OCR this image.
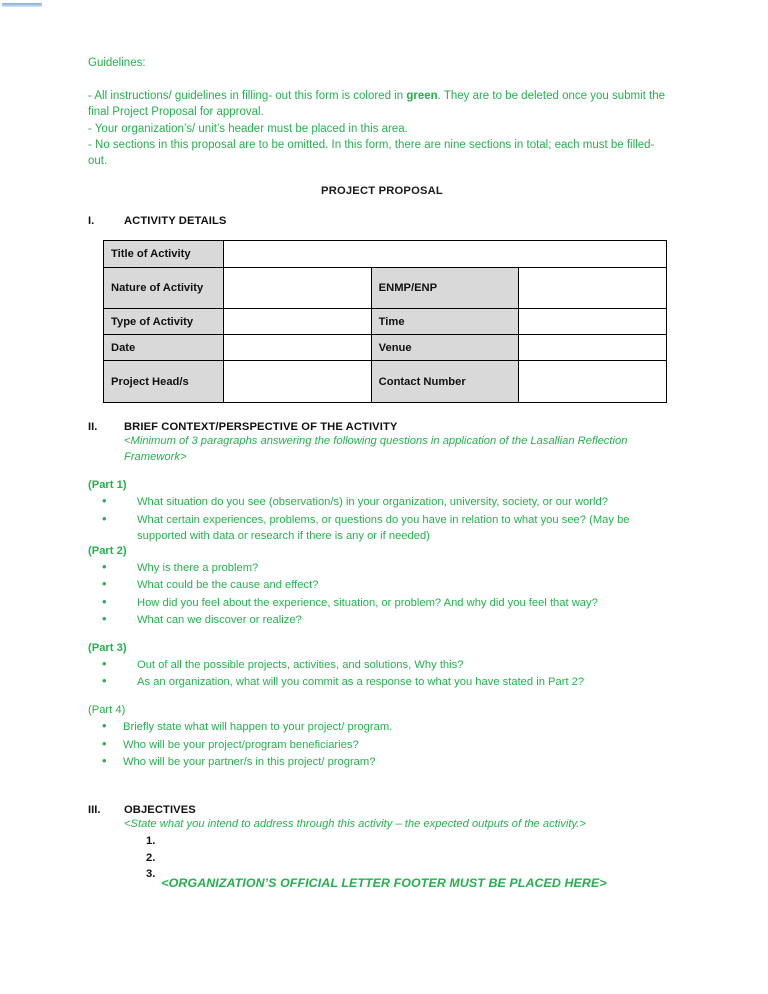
Guidelines:
- All instructions/ guidelines in filling- out this form is colored in green. They are to be deleted once you submit the final Project Proposal for approval.
- Your organization’s/ unit’s header must be placed in this area.
- No sections in this proposal are to be omitted. In this form, there are nine sections in total; each must be filled- out.
PROJECT PROPOSAL
I.	ACTIVITY DETAILS
Title of Activity			
Nature of Activity		ENMP/ENP	
Type of Activity		Time	
Date		Venue	
Project Head/s		Contact Number	
II.	BRIEF CONTEXT/PERSPECTIVE OF THE ACTIVITY
<Minimum of 3 paragraphs answering the following questions in application of the Lasallian Reflection Framework>
(Part 1)
• What situation do you see (observation/s) in your organization, university, society, or our world?
• What certain experiences, problems, or questions do you have in relation to what you see? (May be supported with data or research if there is any or if needed)
(Part 2)
• Why is there a problem?
• What could be the cause and effect?
• How did you feel about the experience, situation, or problem? And why did you feel that way?
• What can we discover or realize?
(Part 3)
• Out of all the possible projects, activities, and solutions, Why this?
• As an organization, what will you commit as a response to what you have stated in Part 2?
(Part 4)
• Briefly state what will happen to your project/ program.
• Who will be your project/program beneficiaries?
• Who will be your partner/s in this project/ program?
III.	OBJECTIVES
<State what you intend to address through this activity – the expected outputs of the activity.>
1.
2.
3.
<ORGANIZATION’S OFFICIAL LETTER FOOTER MUST BE PLACED HERE>
